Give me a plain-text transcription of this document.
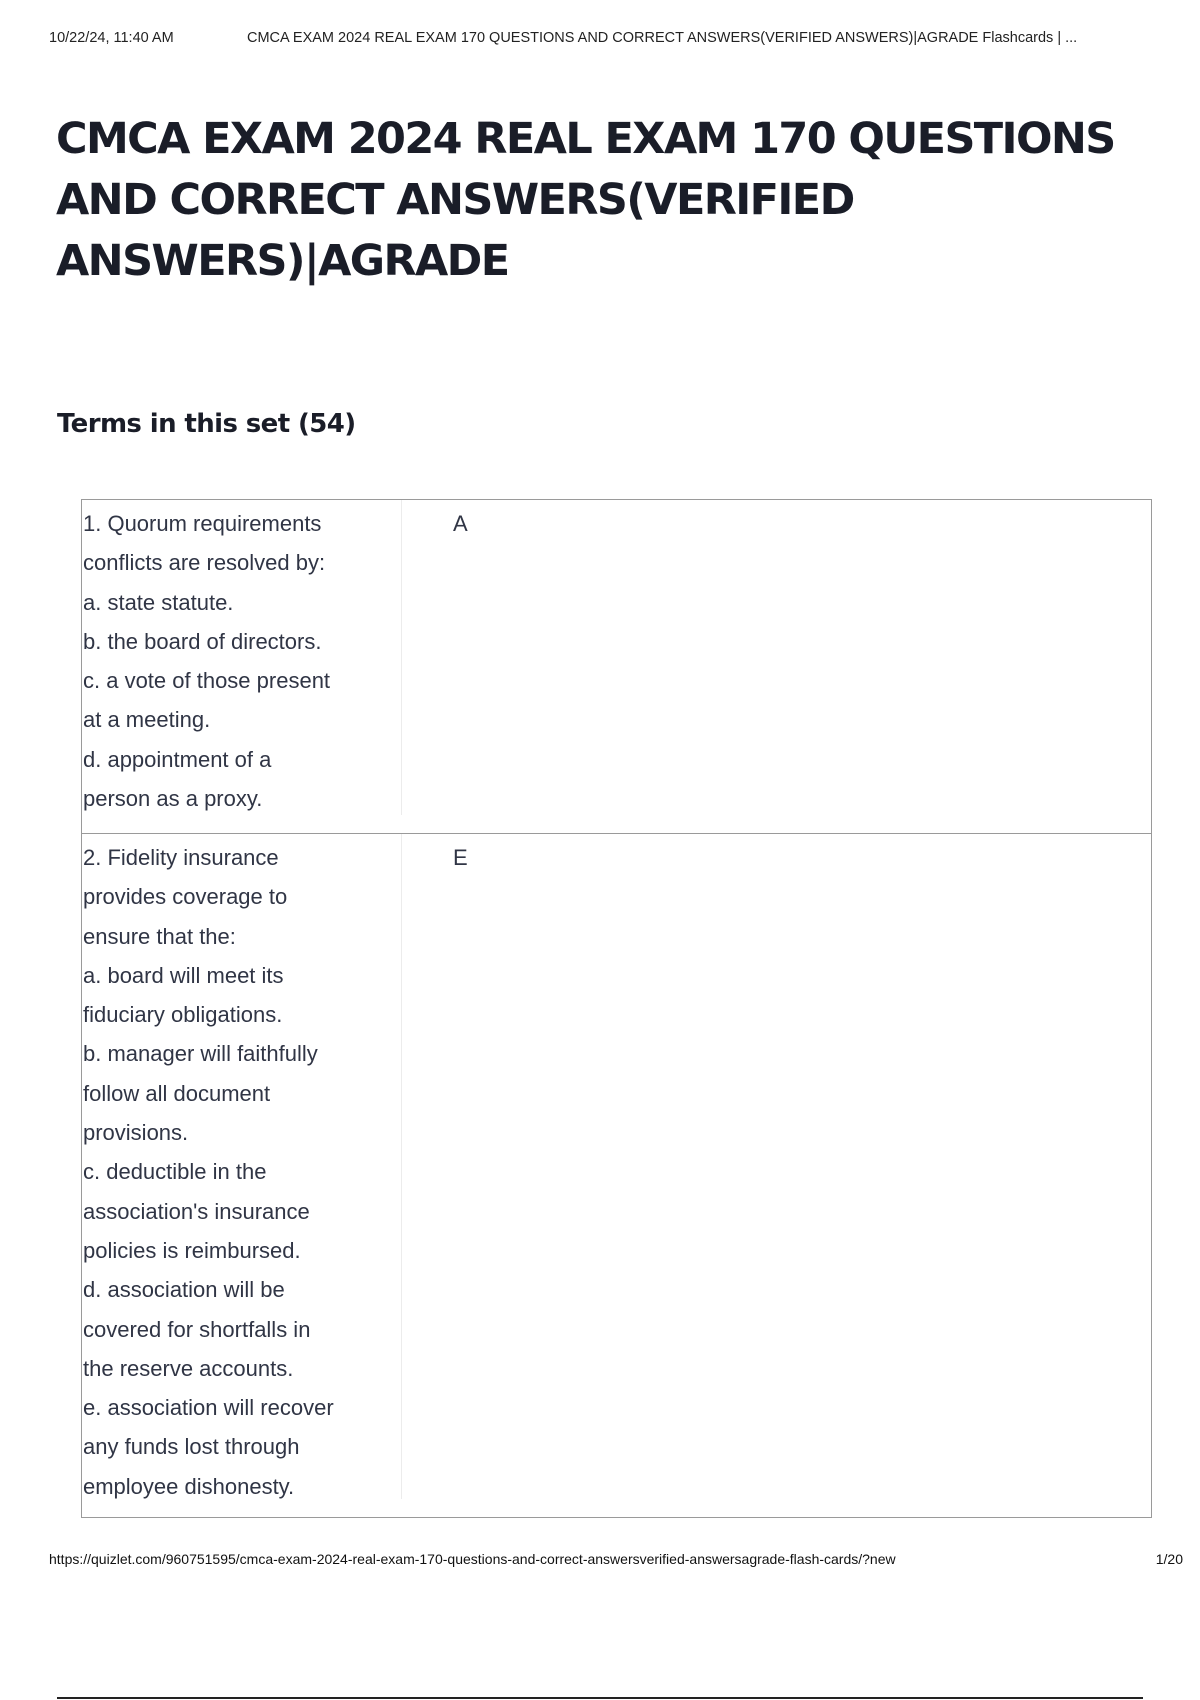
10/22/24, 11:40 AM	CMCA EXAM 2024 REAL EXAM 170 QUESTIONS AND CORRECT ANSWERS(VERIFIED ANSWERS)|AGRADE Flashcards | ...
CMCA EXAM 2024 REAL EXAM 170 QUESTIONS AND CORRECT ANSWERS(VERIFIED ANSWERS)|AGRADE
Terms in this set (54)
1. Quorum requirements
conflicts are resolved by:
a. state statute.
b. the board of directors.
c. a vote of those present
at a meeting.
d. appointment of a
person as a proxy.
A
2. Fidelity insurance
provides coverage to
ensure that the:
a. board will meet its
fiduciary obligations.
b. manager will faithfully
follow all document
provisions.
c. deductible in the
association's insurance
policies is reimbursed.
d. association will be
covered for shortfalls in
the reserve accounts.
e. association will recover
any funds lost through
employee dishonesty.
E
https://quizlet.com/960751595/cmca-exam-2024-real-exam-170-questions-and-correct-answersverified-answersagrade-flash-cards/?new	1/20
